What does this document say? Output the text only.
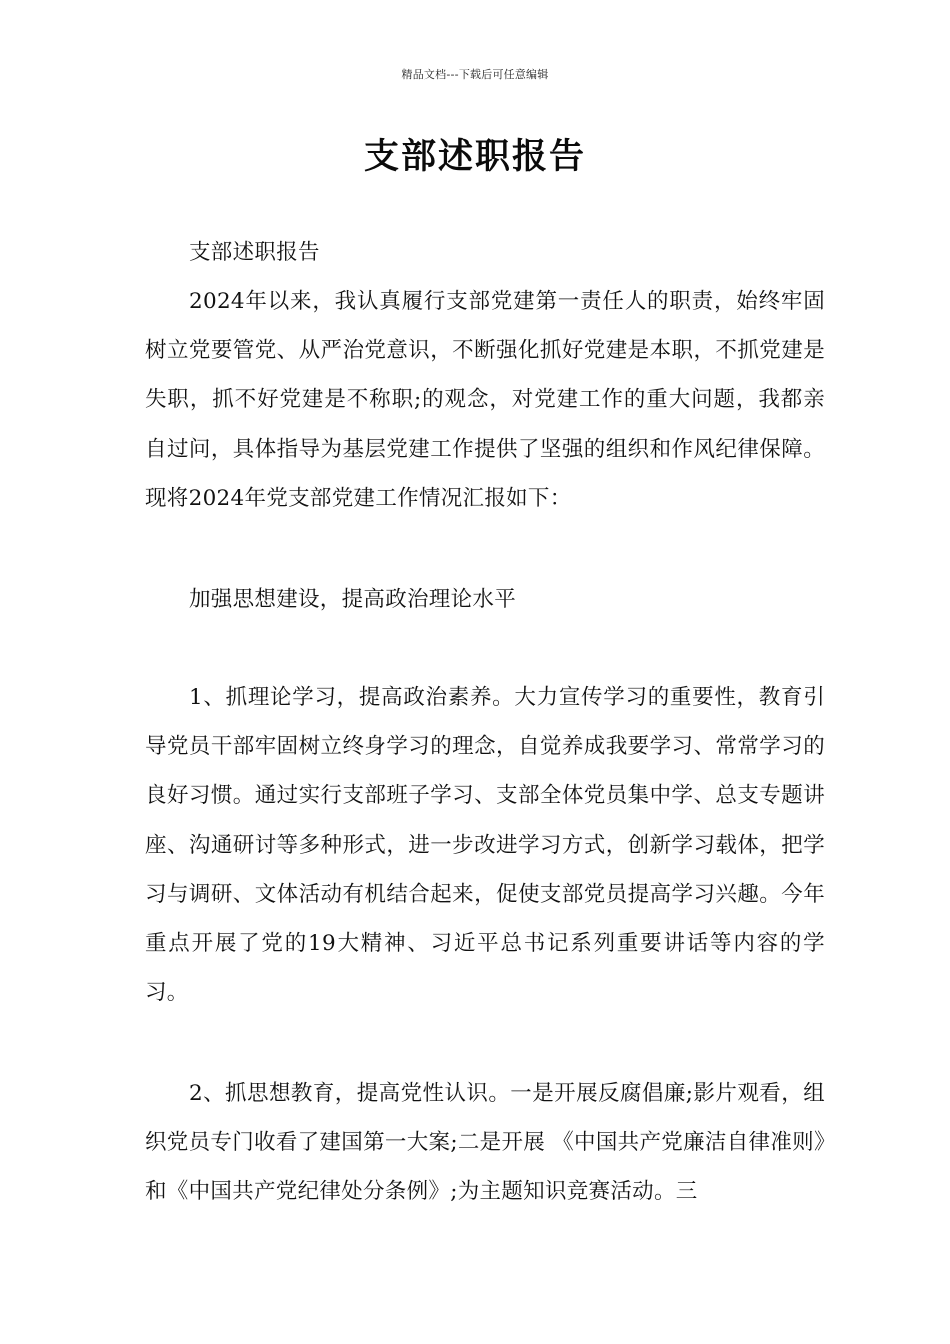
精品文档---下载后可任意编辑
支部述职报告

支部述职报告

2024年以来，我认真履行支部党建第一责任人的职责，始终牢固树立党要管党、从严治党意识，不断强化抓好党建是本职，不抓党建是失职，抓不好党建是不称职;的观念，对党建工作的重大问题，我都亲自过问，具体指导为基层党建工作提供了坚强的组织和作风纪律保障。现将2024年党支部党建工作情况汇报如下：

加强思想建设，提高政治理论水平

1、抓理论学习，提高政治素养。大力宣传学习的重要性，教育引导党员干部牢固树立终身学习的理念，自觉养成我要学习、常常学习的良好习惯。通过实行支部班子学习、支部全体党员集中学、总支专题讲座、沟通研讨等多种形式，进一步改进学习方式，创新学习载体，把学习与调研、文体活动有机结合起来，促使支部党员提高学习兴趣。今年重点开展了党的19大精神、习近平总书记系列重要讲话等内容的学习。

2、抓思想教育，提高党性认识。一是开展反腐倡廉;影片观看，组织党员专门收看了建国第一大案;二是开展 《中国共产党廉洁自律准则》和《中国共产党纪律处分条例》;为主题知识竞赛活动。三
